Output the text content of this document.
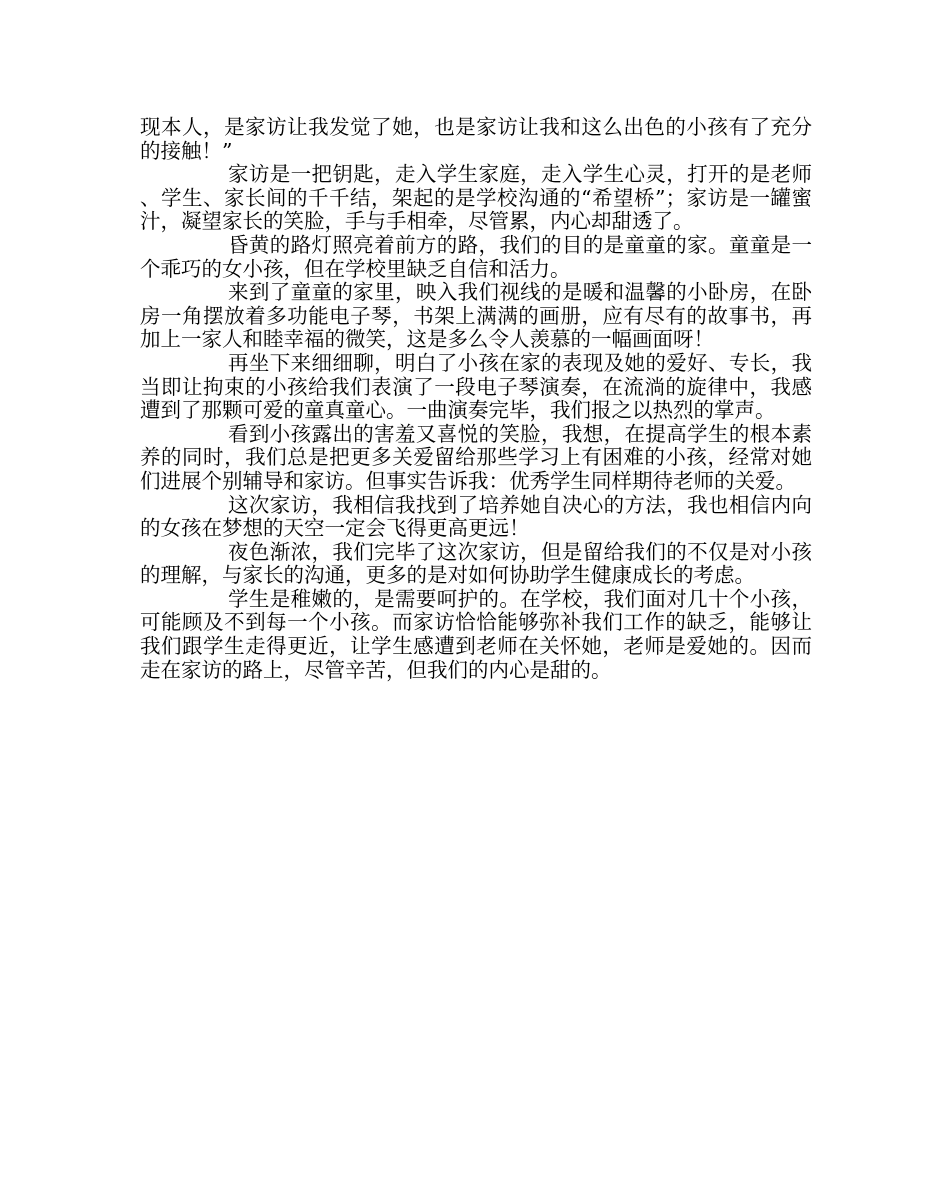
现本人，是家访让我发觉了她，也是家访让我和这么出色的小孩有了充分的接触！”

家访是一把钥匙，走入学生家庭，走入学生心灵，打开的是老师、学生、家长间的千千结，架起的是学校沟通的“希望桥”；家访是一罐蜜汁，凝望家长的笑脸，手与手相牵，尽管累，内心却甜透了。

昏黄的路灯照亮着前方的路，我们的目的是童童的家。童童是一个乖巧的女小孩，但在学校里缺乏自信和活力。

来到了童童的家里，映入我们视线的是暖和温馨的小卧房，在卧房一角摆放着多功能电子琴，书架上满满的画册，应有尽有的故事书，再加上一家人和睦幸福的微笑，这是多么令人羡慕的一幅画面呀！

再坐下来细细聊，明白了小孩在家的表现及她的爱好、专长，我当即让拘束的小孩给我们表演了一段电子琴演奏，在流淌的旋律中，我感遭到了那颗可爱的童真童心。一曲演奏完毕，我们报之以热烈的掌声。

看到小孩露出的害羞又喜悦的笑脸，我想，在提高学生的根本素养的同时，我们总是把更多关爱留给那些学习上有困难的小孩，经常对她们进展个别辅导和家访。但事实告诉我：优秀学生同样期待老师的关爱。

这次家访，我相信我找到了培养她自决心的方法，我也相信内向的女孩在梦想的天空一定会飞得更高更远！

夜色渐浓，我们完毕了这次家访，但是留给我们的不仅是对小孩的理解，与家长的沟通，更多的是对如何协助学生健康成长的考虑。

学生是稚嫩的，是需要呵护的。在学校，我们面对几十个小孩，可能顾及不到每一个小孩。而家访恰恰能够弥补我们工作的缺乏，能够让我们跟学生走得更近，让学生感遭到老师在关怀她，老师是爱她的。因而走在家访的路上，尽管辛苦，但我们的内心是甜的。
